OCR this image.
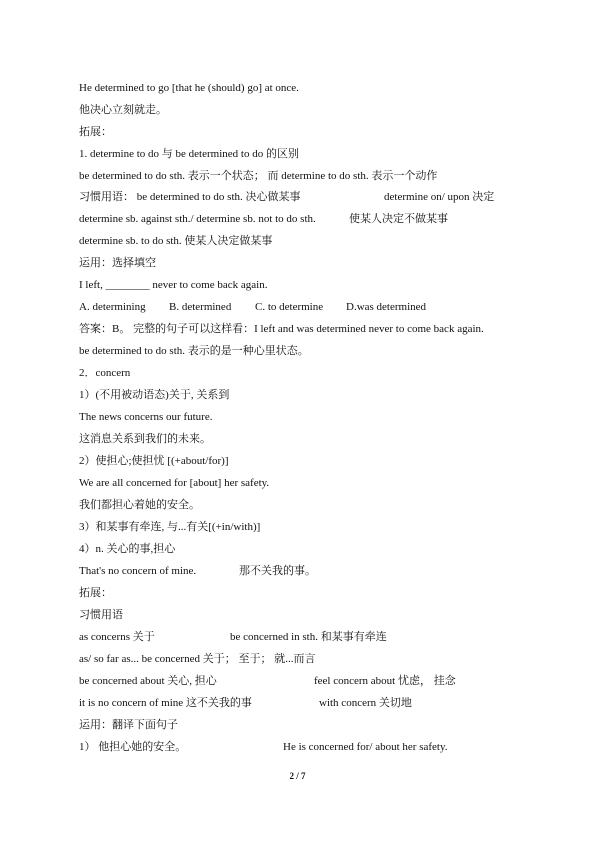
He determined to go [that he (should) go] at once.
他决心立刻就走。
拓展：
1. determine to do 与 be determined to do 的区别
be determined to do sth. 表示一个状态； 而 determine to do sth. 表示一个动作
习惯用语： be determined to do sth. 决心做某事	determine on/ upon 决定
determine sb. against sth./ determine sb. not to do sth.	使某人决定不做某事
determine sb. to do sth. 使某人决定做某事
运用：选择填空
I left, ________ never to come back again.
A. determining B. determined C. to determine D.was determined
答案：B。 完整的句子可以这样看：I left and was determined never to come back again.
be determined to do sth. 表示的是一种心里状态。
2．concern
1）(不用被动语态)关于, 关系到
The news concerns our future.
这消息关系到我们的未来。
2）使担心;使担忧 [(+about/for)]
We are all concerned for [about] her safety.
我们都担心着她的安全。
3）和某事有牵连, 与...有关[(+in/with)]
4）n. 关心的事,担心
That's no concern of mine.	那不关我的事。
拓展：
习惯用语
as concerns 关于	be concerned in sth. 和某事有牵连
as/ so far as... be concerned 关于； 至于； 就...而言
be concerned about 关心, 担心	feel concern about 忧虑， 挂念
it is no concern of mine 这不关我的事	with concern 关切地
运用：翻译下面句子
1） 他担心她的安全。	He is concerned for/ about her safety.
2 / 7
